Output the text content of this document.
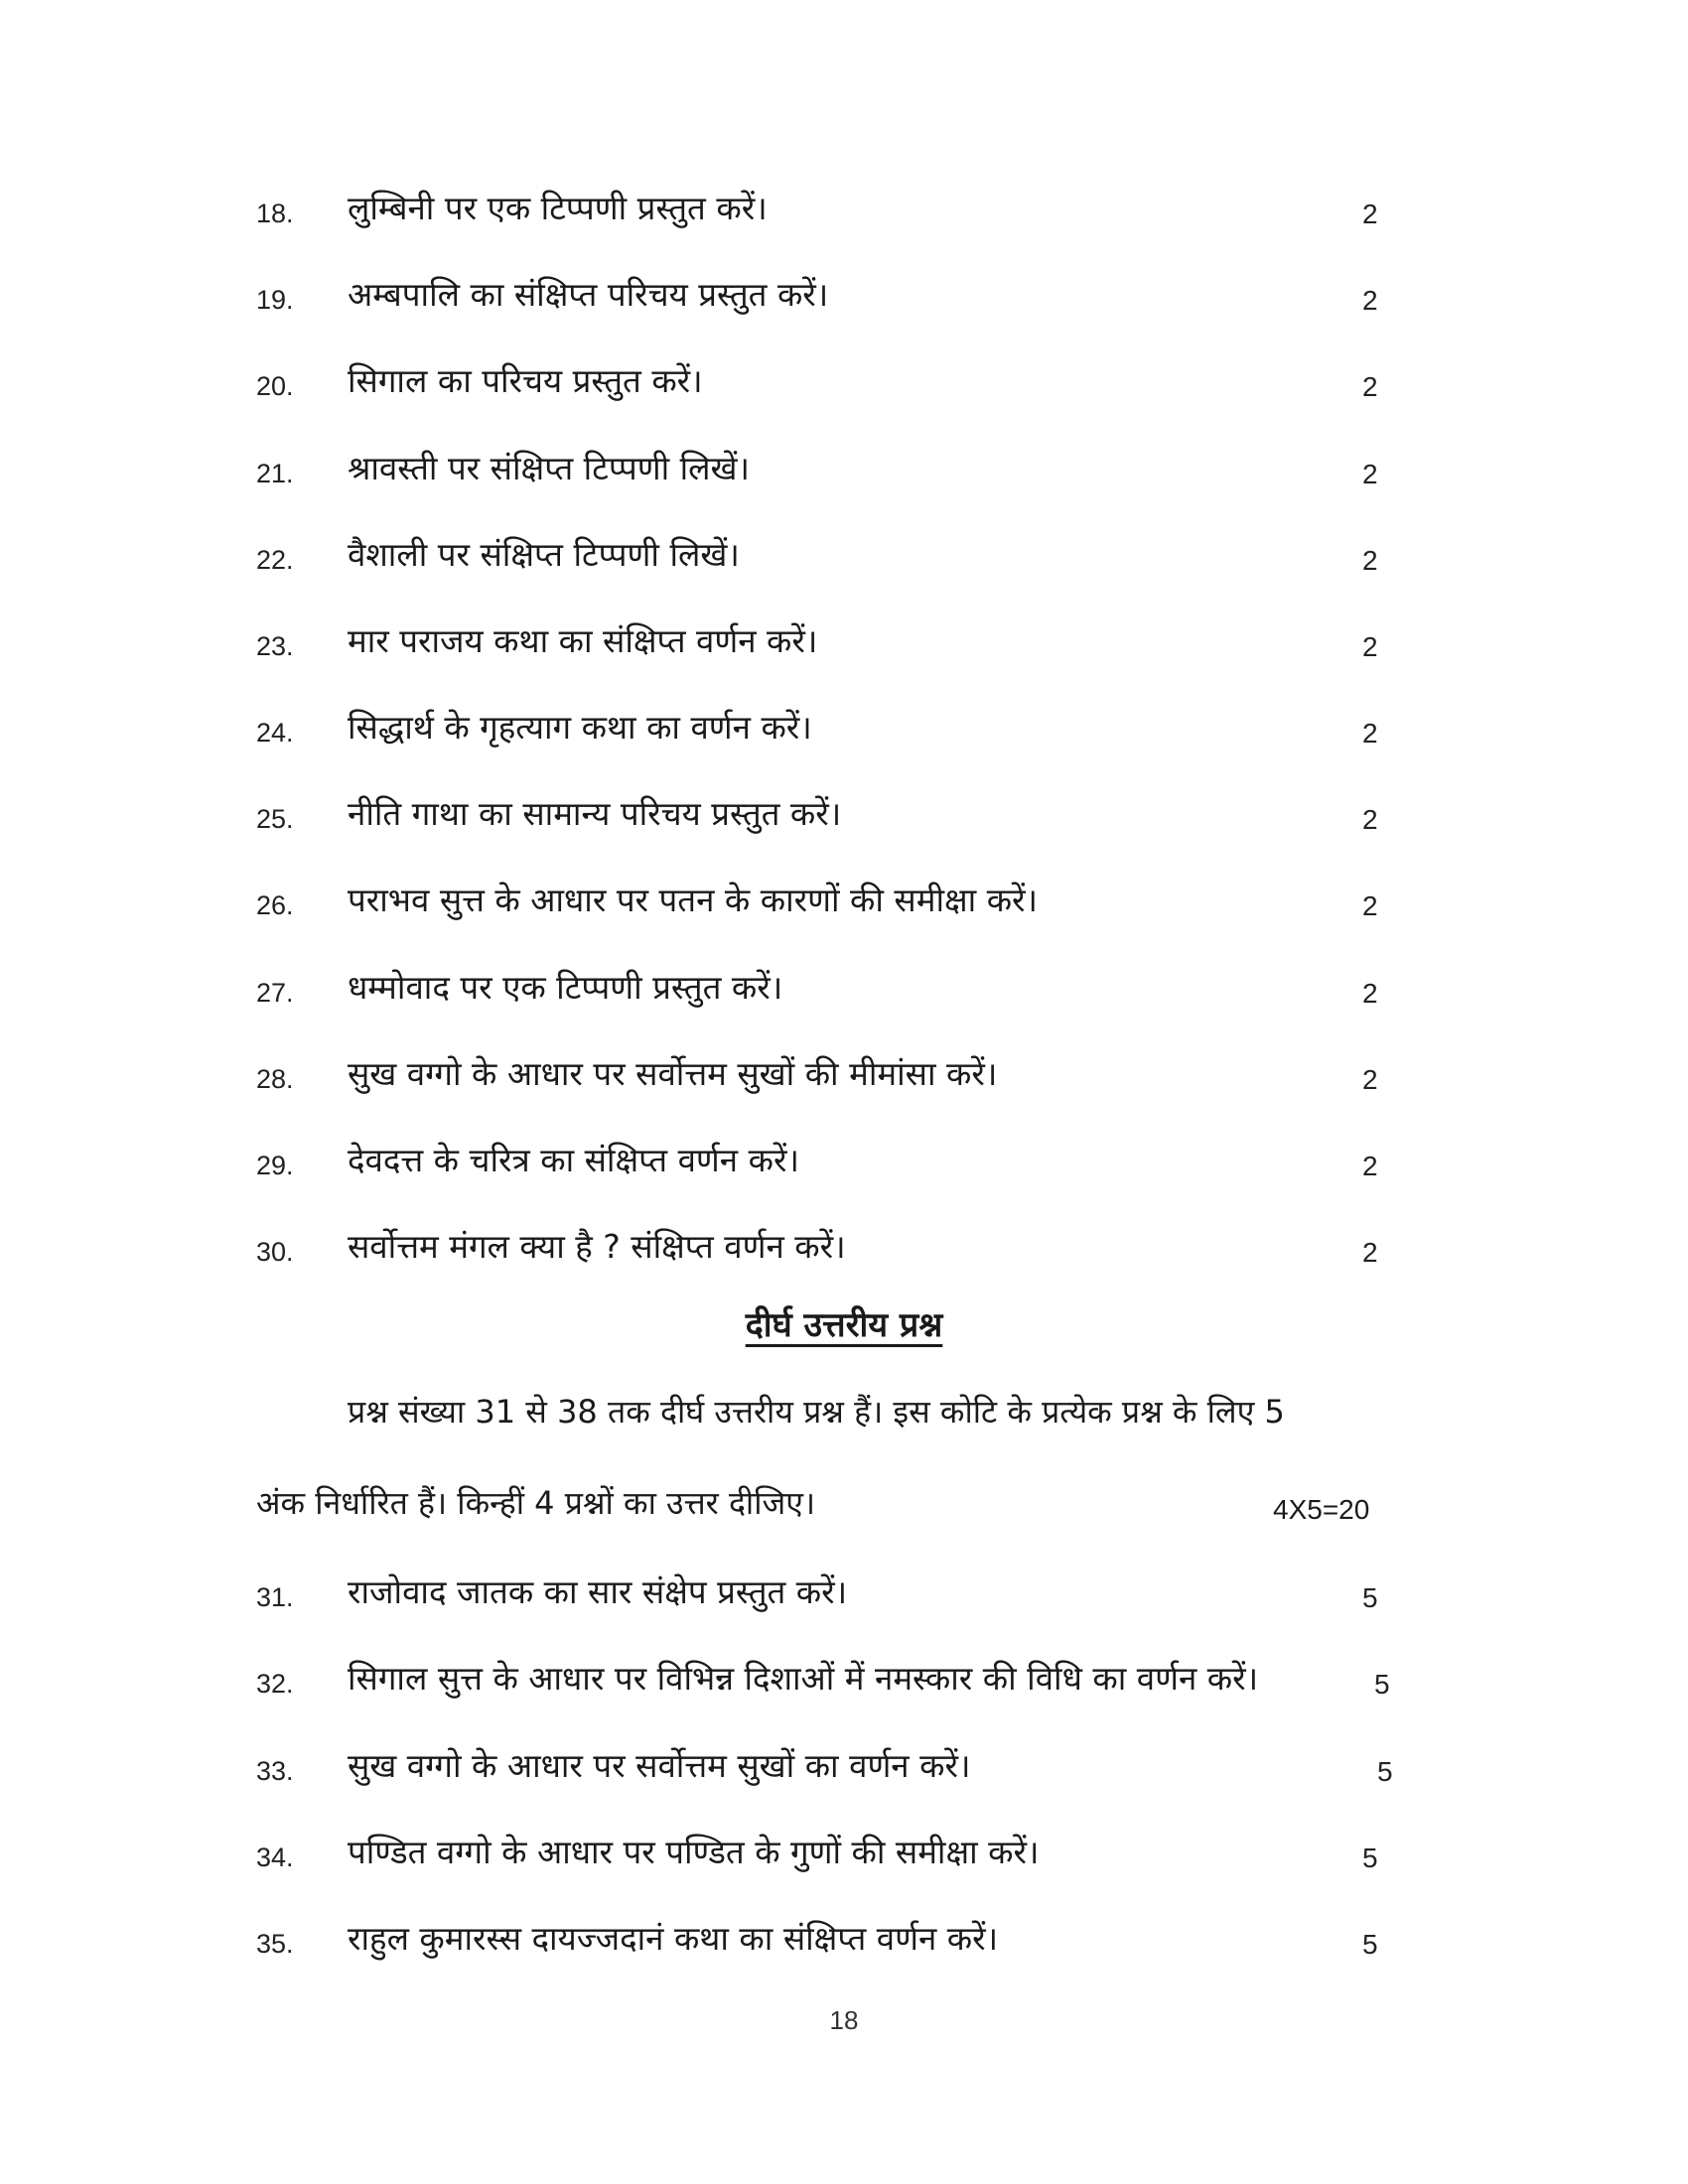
18. लुम्बिनी पर एक टिप्पणी प्रस्तुत करें।	2
19. अम्बपालि का संक्षिप्त परिचय प्रस्तुत करें।	2
20. सिगाल का परिचय प्रस्तुत करें।	2
21. श्रावस्ती पर संक्षिप्त टिप्पणी लिखें।	2
22. वैशाली पर संक्षिप्त टिप्पणी लिखें।	2
23. मार पराजय कथा का संक्षिप्त वर्णन करें।	2
24. सिद्धार्थ के गृहत्याग कथा का वर्णन करें।	2
25. नीति गाथा का सामान्य परिचय प्रस्तुत करें।	2
26. पराभव सुत्त के आधार पर पतन के कारणों की समीक्षा करें।	2
27. धम्मोवाद पर एक टिप्पणी प्रस्तुत करें।	2
28. सुख वग्गो के आधार पर सर्वोत्तम सुखों की मीमांसा करें।	2
29. देवदत्त के चरित्र का संक्षिप्त वर्णन करें।	2
30. सर्वोत्तम मंगल क्या है ? संक्षिप्त वर्णन करें।	2
दीर्घ उत्तरीय प्रश्न
प्रश्न संख्या 31 से 38 तक दीर्घ उत्तरीय प्रश्न हैं। इस कोटि के प्रत्येक प्रश्न के लिए 5
अंक निर्धारित हैं। किन्हीं 4 प्रश्नों का उत्तर दीजिए।	4X5=20
31. राजोवाद जातक का सार संक्षेप प्रस्तुत करें।	5
32. सिगाल सुत्त के आधार पर विभिन्न दिशाओं में नमस्कार की विधि का वर्णन करें।	5
33. सुख वग्गो के आधार पर सर्वोत्तम सुखों का वर्णन करें।	5
34. पण्डित वग्गो के आधार पर पण्डित के गुणों की समीक्षा करें।	5
35. राहुल कुमारस्स दायज्जदानं कथा का संक्षिप्त वर्णन करें।	5
18
